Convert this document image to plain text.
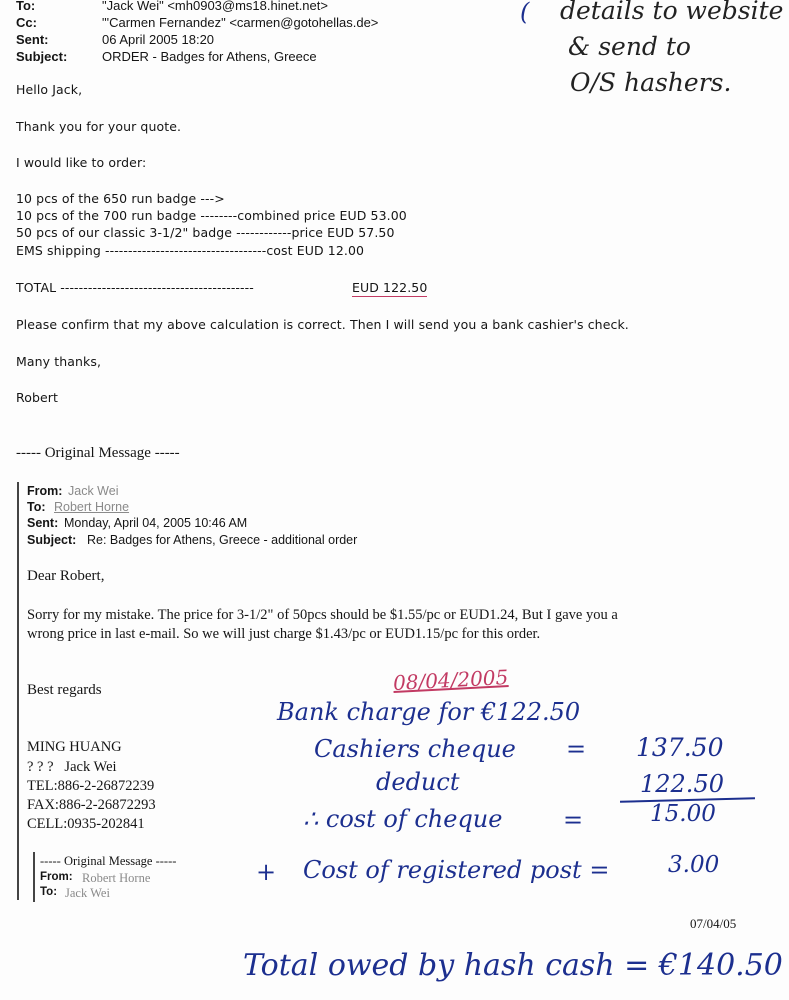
To:	"Jack Wei" <mh0903@ms18.hinet.net>
Cc:	"'Carmen Fernandez" <carmen@gotohellas.de>
Sent:	06 April 2005 18:20
Subject:	ORDER - Badges for Athens, Greece
( details to website
& send to
O/S hashers.
Hello Jack,
Thank you for your quote.
I would like to order:
10 pcs of the 650 run badge --->
10 pcs of the 700 run badge --------combined price EUD 53.00
50 pcs of our classic 3-1/2" badge ------------price EUD 57.50
EMS shipping -----------------------------------cost EUD 12.00
TOTAL ------------------------------------------	EUD 122.50
Please confirm that my above calculation is correct. Then I will send you a bank cashier's check.
Many thanks,
Robert
----- Original Message -----
From: Jack Wei
To: Robert Horne
Sent: Monday, April 04, 2005 10:46 AM
Subject: Re: Badges for Athens, Greece - additional order
Dear Robert,
Sorry for my mistake. The price for 3-1/2" of 50pcs should be $1.55/pc or EUD1.24, But I gave you a
wrong price in last e-mail. So we will just charge $1.43/pc or EUD1.15/pc for this order.
Best regards
MING HUANG
? ? ?   Jack Wei
TEL:886-2-26872239
FAX:886-2-26872293
CELL:0935-202841
----- Original Message -----
From: Robert Horne
To: Jack Wei
08/04/2005
Bank charge for €122.50
Cashiers cheque = 137.50
deduct	122.50
∴ cost of cheque	=	15.00
+ Cost of registered post =	3.00
07/04/05
Total owed by hash cash = €140.50
